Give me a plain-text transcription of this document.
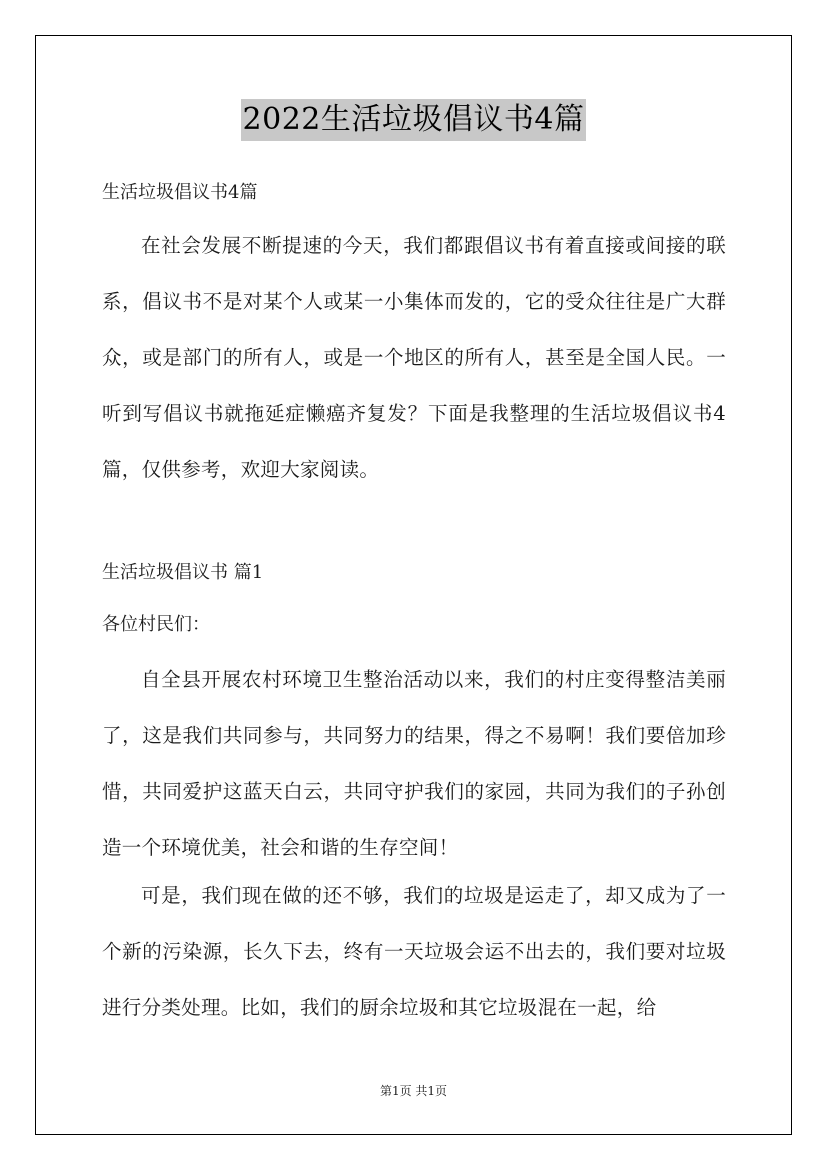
2022生活垃圾倡议书4篇
生活垃圾倡议书4篇
在社会发展不断提速的今天，我们都跟倡议书有着直接或间接的联系，倡议书不是对某个人或某一小集体而发的，它的受众往往是广大群众，或是部门的所有人，或是一个地区的所有人，甚至是全国人民。一听到写倡议书就拖延症懒癌齐复发？下面是我整理的生活垃圾倡议书4篇，仅供参考，欢迎大家阅读。
生活垃圾倡议书 篇1
各位村民们：
自全县开展农村环境卫生整治活动以来，我们的村庄变得整洁美丽了，这是我们共同参与，共同努力的结果，得之不易啊！我们要倍加珍惜，共同爱护这蓝天白云，共同守护我们的家园，共同为我们的子孙创造一个环境优美，社会和谐的生存空间！
可是，我们现在做的还不够，我们的垃圾是运走了，却又成为了一个新的污染源，长久下去，终有一天垃圾会运不出去的，我们要对垃圾进行分类处理。比如，我们的厨余垃圾和其它垃圾混在一起，给
第1页 共1页
